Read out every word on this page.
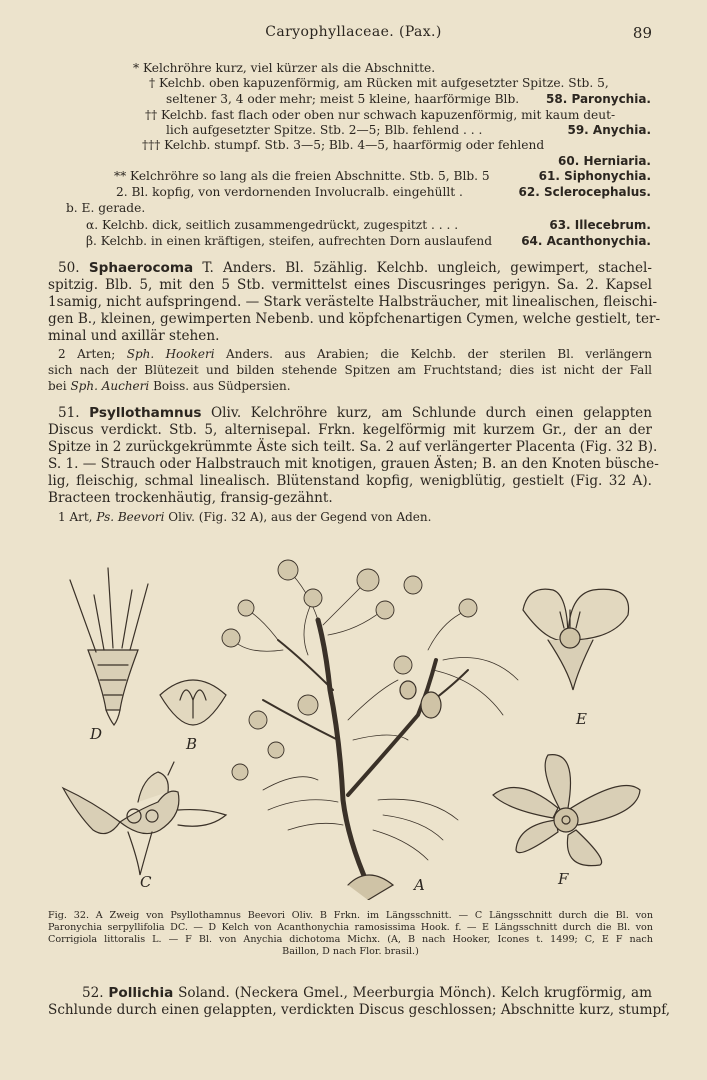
Caryophyllaceae. (Pax.)	89
* Kelchröhre kurz, viel kürzer als die Abschnitte.
† Kelchb. oben kapuzenförmig, am Rücken mit aufgesetzter Spitze. Stb. 5,
seltener 3, 4 oder mehr; meist 5 kleine, haarförmige Blb. 58. Paronychia.
†† Kelchb. fast flach oder oben nur schwach kapuzenförmig, mit kaum deut-
lich aufgesetzter Spitze. Stb. 2—5; Blb. fehlend . . .	59. Anychia.
††† Kelchb. stumpf. Stb. 3—5; Blb. 4—5, haarförmig oder fehlend
60. Herniaria.
** Kelchröhre so lang als die freien Abschnitte. Stb. 5, Blb. 5	61. Siphonychia.
2. Bl. kopfig, von verdornenden Involucralb. eingehüllt .	62. Sclerocephalus.
b. E. gerade.
α. Kelchb. dick, seitlich zusammengedrückt, zugespitzt . . . .	63. Illecebrum.
β. Kelchb. in einen kräftigen, steifen, aufrechten Dorn auslaufend 64. Acanthonychia.
50. Sphaerocoma T. Anders. Bl. 5zählig. Kelchb. ungleich, gewimpert, stachel-
spitzig. Blb. 5, mit den 5 Stb. vermittelst eines Discusringes perigyn. Sa. 2. Kapsel
1samig, nicht aufspringend. — Stark verästelte Halbsträucher, mit linealischen, fleischi-
gen B., kleinen, gewimperten Nebenb. und köpfchenartigen Cymen, welche gestielt, ter-
minal und axillär stehen.
2 Arten; Sph. Hookeri Anders. aus Arabien; die Kelchb. der sterilen Bl. verlängern
sich nach der Blütezeit und bilden stehende Spitzen am Fruchtstand; dies ist nicht der Fall
bei Sph. Aucheri Boiss. aus Südpersien.
51. Psyllothamnus Oliv. Kelchröhre kurz, am Schlunde durch einen gelappten
Discus verdickt. Stb. 5, alternisepal. Frkn. kegelförmig mit kurzem Gr., der an der
Spitze in 2 zurückgekrümmte Äste sich teilt. Sa. 2 auf verlängerter Placenta (Fig. 32 B).
S. 1. — Strauch oder Halbstrauch mit knotigen, grauen Ästen; B. an den Knoten büsche-
lig, fleischig, schmal linealisch. Blütenstand kopfig, wenigblütig, gestielt (Fig. 32 A).
Bracteen trockenhäutig, fransig-gezähnt.
1 Art, Ps. Beevori Oliv. (Fig. 32 A), aus der Gegend von Aden.
D
B
C	A
E
F
Fig. 32. A Zweig von Psyllothamnus Beevori Oliv. B Frkn. im Längsschnitt. — C Längsschnitt durch die Bl. von
Paronychia serpyllifolia DC. — D Kelch von Acanthonychia ramosissima Hook. f. — E Längsschnitt durch die Bl. von
Corrigiola littoralis L. — F Bl. von Anychia dichotoma Michx. (A, B nach Hooker, Icones t. 1499; C, E F nach
Baillon, D nach Flor. brasil.)
52. Pollichia Soland. (Neckera Gmel., Meerburgia Mönch). Kelch krugförmig, am
Schlunde durch einen gelappten, verdickten Discus geschlossen; Abschnitte kurz, stumpf,
